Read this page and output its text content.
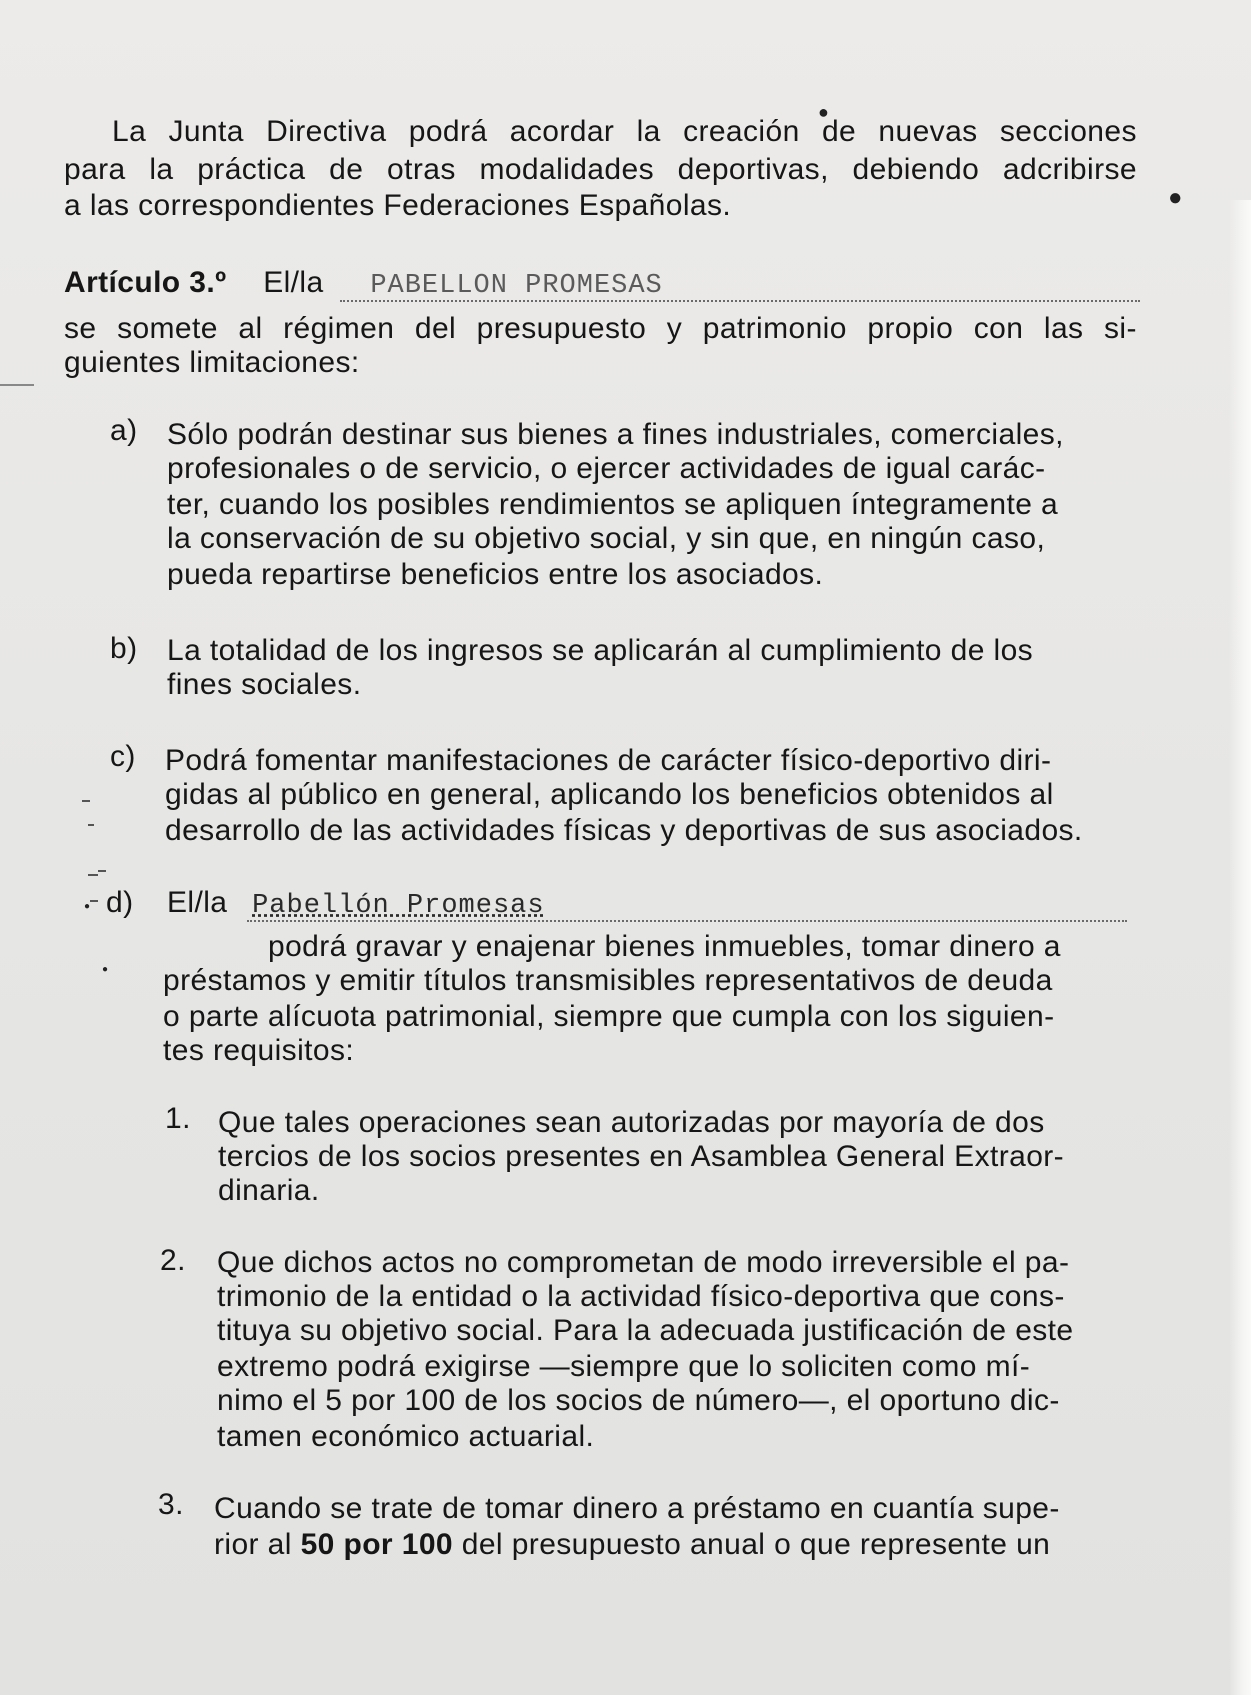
La Junta Directiva podrá acordar la creación de nuevas secciones
para la práctica de otras modalidades deportivas, debiendo adcribirse
a las correspondientes Federaciones Españolas.
Artículo 3.º El/la PABELLON PROMESAS
se somete al régimen del presupuesto y patrimonio propio con las si-
guientes limitaciones:
a) Sólo podrán destinar sus bienes a fines industriales, comerciales,
profesionales o de servicio, o ejercer actividades de igual carác-
ter, cuando los posibles rendimientos se apliquen íntegramente a
la conservación de su objetivo social, y sin que, en ningún caso,
pueda repartirse beneficios entre los asociados.
b) La totalidad de los ingresos se aplicarán al cumplimiento de los
fines sociales.
c) Podrá fomentar manifestaciones de carácter físico-deportivo diri-
gidas al público en general, aplicando los beneficios obtenidos al
desarrollo de las actividades físicas y deportivas de sus asociados.
d) El/la Pabellón Promesas
podrá gravar y enajenar bienes inmuebles, tomar dinero a
préstamos y emitir títulos transmisibles representativos de deuda
o parte alícuota patrimonial, siempre que cumpla con los siguien-
tes requisitos:
1. Que tales operaciones sean autorizadas por mayoría de dos
tercios de los socios presentes en Asamblea General Extraor-
dinaria.
2. Que dichos actos no comprometan de modo irreversible el pa-
trimonio de la entidad o la actividad físico-deportiva que cons-
tituya su objetivo social. Para la adecuada justificación de este
extremo podrá exigirse —siempre que lo soliciten como mí-
nimo el 5 por 100 de los socios de número—, el oportuno dic-
tamen económico actuarial.
3. Cuando se trate de tomar dinero a préstamo en cuantía supe-
rior al 50 por 100 del presupuesto anual o que represente un
●
●
●
●
